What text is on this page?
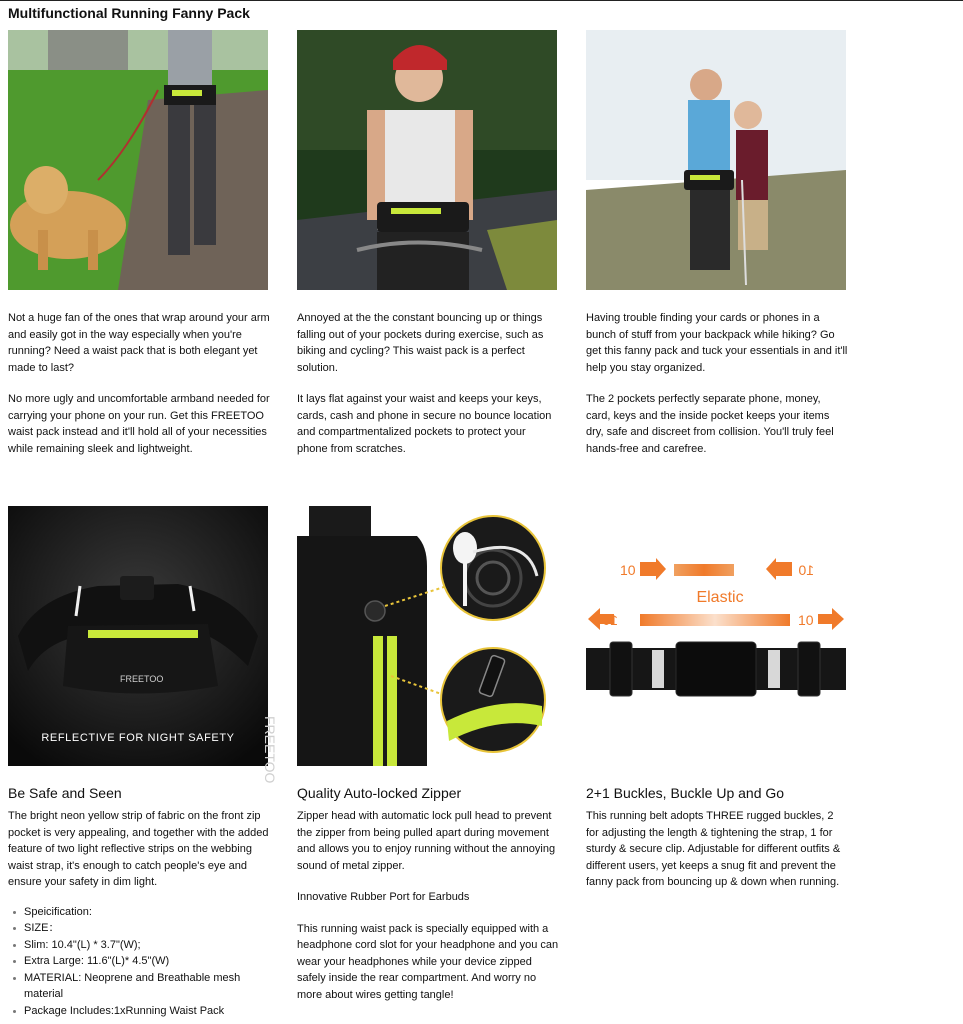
Multifunctional Running Fanny Pack

Not a huge fan of the ones that wrap around your arm and easily got in the way especially when you're running? Need a waist pack that is both elegant yet made to last?

No more ugly and uncomfortable armband needed for carrying your phone on your run. Get this FREETOO waist pack instead and it'll hold all of your necessities while remaining sleek and lightweight.

Annoyed at the the constant bouncing up or things falling out of your pockets during exercise, such as biking and cycling? This waist pack is a perfect solution.

It lays flat against your waist and keeps your keys, cards, cash and phone in secure no bounce location and compartmentalized pockets to protect your phone from scratches.

Having trouble finding your cards or phones in a bunch of stuff from your backpack while hiking? Go get this fanny pack and tuck your essentials in and it'll help you stay organized.

The 2 pockets perfectly separate phone, money, card, keys and the inside pocket keeps your items dry, safe and discreet from collision. You'll truly feel hands-free and carefree.

FREETOO
REFLECTIVE FOR NIGHT SAFETY
Be Safe and Seen

The bright neon yellow strip of fabric on the front zip pocket is very appealing, and together with the added feature of two light reflective strips on the webbing waist strap, it's enough to catch people's eye and ensure your safety in dim light.

Speicification:
SIZE：
Slim: 10.4"(L) * 3.7"(W);
Extra Large: 11.6"(L)* 4.5"(W)
MATERIAL: Neoprene and Breathable mesh material
Package Includes:1xRunning Waist Pack
FREETOO
Quality Auto-locked Zipper

Zipper head with automatic lock pull head to prevent the zipper from being pulled apart during movement and allows you to enjoy running without the annoying sound of metal zipper.

Innovative Rubber Port for Earbuds

This running waist pack is specially equipped with a headphone cord slot for your headphone and you can wear your headphones while your device zipped safely inside the rear compartment. And worry no more about wires getting tangle!

10	10
Elastic
10	10
2+1 Buckles, Buckle Up and Go

This running belt adopts THREE rugged buckles, 2 for adjusting the length & tightening the strap, 1 for sturdy & secure clip. Adjustable for different outfits & different users, yet keeps a snug fit and prevent the fanny pack from bouncing up & down when running.
